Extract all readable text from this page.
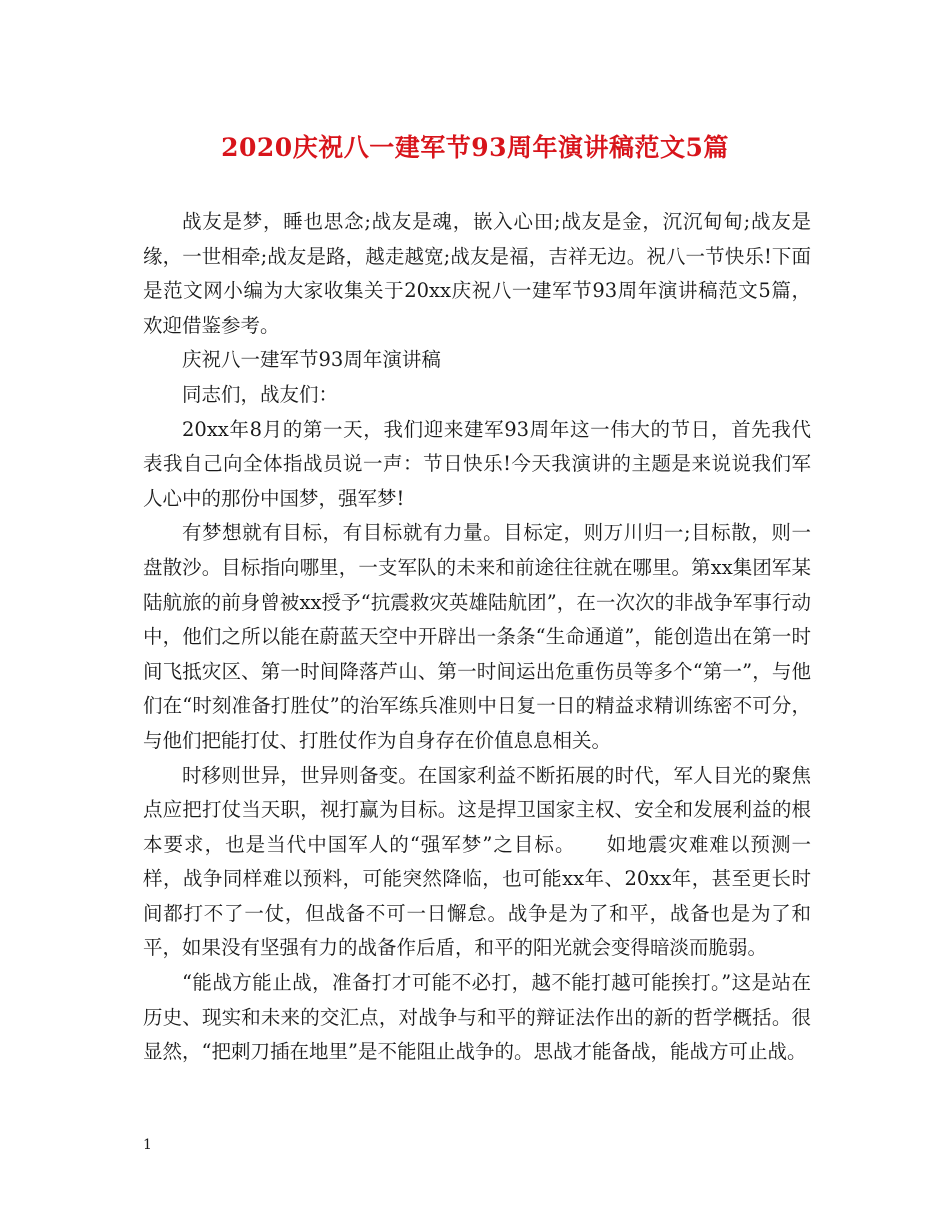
2020庆祝八一建军节93周年演讲稿范文5篇

战友是梦，睡也思念;战友是魂，嵌入心田;战友是金，沉沉甸甸;战友是缘，一世相牵;战友是路，越走越宽;战友是福，吉祥无边。祝八一节快乐!下面是范文网小编为大家收集关于20xx庆祝八一建军节93周年演讲稿范文5篇，欢迎借鉴参考。

庆祝八一建军节93周年演讲稿

同志们，战友们：

20xx年8月的第一天，我们迎来建军93周年这一伟大的节日，首先我代表我自己向全体指战员说一声：节日快乐!今天我演讲的主题是来说说我们军人心中的那份中国梦，强军梦!

有梦想就有目标，有目标就有力量。目标定，则万川归一;目标散，则一盘散沙。目标指向哪里，一支军队的未来和前途往往就在哪里。第xx集团军某陆航旅的前身曾被xx授予“抗震救灾英雄陆航团”，在一次次的非战争军事行动中，他们之所以能在蔚蓝天空中开辟出一条条“生命通道”，能创造出在第一时间飞抵灾区、第一时间降落芦山、第一时间运出危重伤员等多个“第一”，与他们在“时刻准备打胜仗”的治军练兵准则中日复一日的精益求精训练密不可分，与他们把能打仗、打胜仗作为自身存在价值息息相关。

时移则世异，世异则备变。在国家利益不断拓展的时代，军人目光的聚焦点应把打仗当天职，视打赢为目标。这是捍卫国家主权、安全和发展利益的根本要求，也是当代中国军人的“强军梦”之目标。　　如地震灾难难以预测一样，战争同样难以预料，可能突然降临，也可能xx年、20xx年，甚至更长时间都打不了一仗，但战备不可一日懈怠。战争是为了和平，战备也是为了和平，如果没有坚强有力的战备作后盾，和平的阳光就会变得暗淡而脆弱。

“能战方能止战，准备打才可能不必打，越不能打越可能挨打。”这是站在历史、现实和未来的交汇点，对战争与和平的辩证法作出的新的哲学概括。很显然，“把刺刀插在地里”是不能阻止战争的。思战才能备战，能战方可止战。

1
